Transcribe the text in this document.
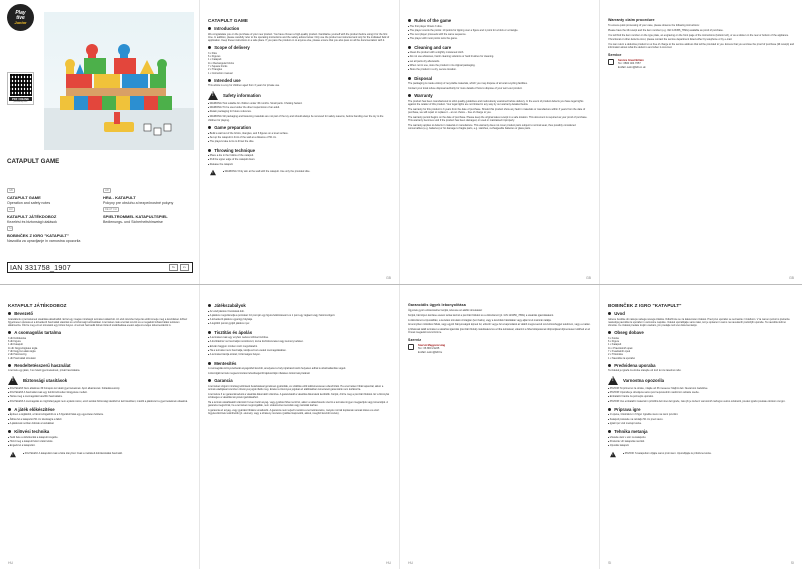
Play
tive
Junior
PDF ONLINE
parkside-diy.com
CATAPULT GAME
GB
CATAPULT GAME
Operation and safety notes
HU
KATAPULT JÁTÉKDOBOZ
Kezelési és biztonsági utalások
SI
BOBINČEK Z IGRO "KATAPULT"
Navodila za upravljanje in varnostna opozorila
HR
HRA - KATAPULT
Pokyny pre obsluhu a bezpečnostné pokyny
DE AT CH
SPIELTROMMEL KATAPULTSPIEL
Bedienungs- und Sicherheitshinweise
IAN 331758_1907	8+	2+
CATAPULT GAME
Introduction
We congratulate you on the purchase of your new product. You have chosen a high-quality product. Familiarise yourself with the product before using it for the first time. In addition, please carefully refer to the operating instructions and the safety advice below. Only use the product as instructed and only for the indicated field of application. Keep these instructions in a safe place. If you pass the product on to anyone else, please ensure that you also pass on all the documentation with it.
Scope of delivery
3 x Dice
6 x Figures
1 x Catapult
11 x Rectangular bricks
7 x Square bricks
2 x Triangles
1 x Instruction manual
Intended use
This article is a toy for children aged from 3 years for private use.
! Safety information
■ WARNING! Not suitable for children under 36 months. Small parts. Choking hazard.
■ WARNING! To be used under the direct supervision of an adult.
■ Retain packaging for future reference.
■ WARNING! All packaging and fastening materials are not part of the toy and should always be removed for safety reasons, before handing over the toy to the children for playing.
Game preparation
■ Build a wall out of the bricks, triangles, and 6 figures on a level surface.
■ Set up the catapult in front of the wall at a distance of 50 cm.
■ The players take turns to throw the dice.
Throwing technique
■ Place a die in the hollow of the catapult.
■ Pull the upper edge of the catapult down.
■ Release the catapult.
!	■ WARNING! Only aim at the wall with the catapult. Use only the provided dice.
GB
Rules of the game
■ The first player throws 3 dice.
■ The player counts the points: 10 points for tipping over a figure and 1 point for a brick or a triangle.
■ The next player proceeds with the same sequence.
■ The player with most points wins the game.
Cleaning and care
■ Clean the product with a slightly moistened cloth.
■ Do not use abrasives, harsh cleaning solutions or hard brushes for cleaning.
■ Let all parts dry afterwards.
■ When not in use, store the product in its original packaging.
■ Store the product in a dry, secure location.
Disposal
The packaging is made entirely of recyclable materials, which you may dispose of at local recycling facilities.
Contact your local refuse disposal authority for more details of how to dispose of your worn-out product.
Warranty
The product has been manufactured to strict quality guidelines and meticulously examined before delivery. In the event of product defects you have legal rights against the retailer of this product. Your legal rights are not limited in any way by our warranty detailed below.
The warranty for this product is 3 years from the date of purchase. Should this product show any fault in materials or manufacture within 3 years from the date of purchase, we will repair or replace it – at our choice – free of charge to you.
The warranty period begins on the date of purchase. Please keep the original sales receipt in a safe location. This document is required as your proof of purchase. This warranty becomes void if the product has been damaged, or used or maintained improperly.
The warranty applies to defects in material or manufacture. This warranty does not cover product parts subject to normal wear, thus possibly considered consumables (e.g. batteries) or for damage to fragile parts, e.g. switches, rechargeable batteries or glass parts.
GB
Warranty claim procedure
To ensure quick processing of your case, please observe the following instructions:
Please have the till receipt and the item number (e.g. IAN 123456_789G) available as proof of purchase.
You will find the item number on the type plate, an engraving on the front page of the instructions (bottom left), or as a sticker on the rear or bottom of the appliance.
If functional or other defects occur, please contact the service department listed either by telephone or by e-mail.
You can return a defective product to us free of charge to the service address that will be provided to you. Ensure that you enclose the proof of purchase (till receipt) and information about what the defect is and when it occurred.
Service
Service Great Britain
Tel.: 0800 404 7657
E-Mail: owim@lidl.co.uk
GB
KATAPULT JÁTÉKDOBOZ
Bevezető
Gratulálunk új termékének vásárlása alkalmából. Ezzel egy magas minőségű terméket választott. Az első üzembe helyezés előtt ismerje meg a készüléket. Ehhez figyelmesen olvassa el a következő használati utasítást és a biztonsági tudnivalókat. A terméket csak a leírtak szerint és a megadott felhasználási területen alkalmazza. Őrizze meg ezt az útmutatót egy biztos helyen. A termék harmadik félnek történő továbbadása esetén adja át a teljes dokumentációt is.
A csomagolás tartalma
3 db Dobókocka
6 db Figura
1 db Katapult
11 db Négyszögletes tégla
7 db Négyzet alakú tégla
2 db Háromszög
1 db Használati útmutató
Rendeltetésszerű használat
A termék egy játék, 3 év feletti gyermekeknek, privát használatra.
! Biztonsági utasítások
■ FIGYELEM! Nem alkalmas 36 hónapos kor alatti gyermekeknek. Apró alkatrészek. Fulladásveszély.
■ FIGYELEM! A használat csak egy felnőtt közvetlen felügyelete mellett.
■ Tartsa meg a csomagolást későbbi használatra.
■ FIGYELEM! A csomagolás és rögzítőanyagok nem a játék részei, ezért azokat biztonsági okokból el kell távolítani, mielőtt a játékszert a gyermekeknek odaadná.
A játék előkészítése
■ Építsen a téglákból, a háromszögekből és a 6 figurából falat egy egyenletes felületre.
■ Állítsa fel a katapultot 50 cm távolságra a faltól.
■ A játékosok sorban dobnak a kockákkal.
Kilövési technika
■ Tedd bele a dobókockát a katapult üregébe.
■ Húzd meg a katapult felső szélét lefelé.
■ Engedd el a katapultot.
!	■ FIGYELEM: A katapultot csak a falra irányítsd. Csak a mellékelt dobókockákat használd.
HU
Játékszabályok
■ Az első játékos 3 kockával dob.
■ A játékos megszámolja a pontokat: 10 pont jár egy figura feldöntéséért és 1 pont egy téglaért vagy háromszögért.
■ A következő játékos ugyanígy folytatja.
■ A legtöbb pontot gyűjtő játékos nyer.
Tisztítás és ápolás
■ A terméket csak egy enyhén nedves törlővel tisztítsa.
■ A tisztításhoz ne használjon súrolószert, durva tisztítószereket vagy kemény keféket.
■ Ezután hagyjon minden részt megszáradni.
■ Ha a terméket nem használja, tárolja azt az eredeti csomagolásában.
■ A terméket tárolja száraz, biztonságos helyen.
Mentesítés
A csomagolás környezetbarát anyagokból készült, amelyeket a helyi újrahasznosító helyeken adhat le ártalmatlanítás végett.
A kiszolgált termék megsemmisítési lehetőségeiről tájékozódjon illetékes önkormányzatánál.
Garancia
A terméket szigorú minőségi előírások betartásával gondosan gyártották, és szállítás előtt lelkiismeretesen ellenőrizték. Ha a terméken hibát tapasztal, akkor a termék eladójával szemben törvényes jogok illetik meg. Ezeket a törvényes jogokat az alábbiakban ismertetett garanciánk nem korlátozza.
A termékre 3 év garanciát adunk a vásárlás dátumától számítva. A garanciaidő a vásárlás dátumával kezdődik. Kérjük, őrizze meg a pénztári blokkot. Ez a bizonylat szükséges a vásárlás tényének igazolásához.
Ha a termék vásárlásától számított 3 éven belül anyag- vagy gyártási hiba merül fel, akkor a választásunk szerint a terméket ingyen megjavítjuk vagy kicseréljük. A garancia megszűnik, ha a terméket megrongálták, nem szakszerűen kezelték vagy tartották karban.
A garancia az anyag- vagy gyártási hibákra vonatkozik. A garancia nem terjed ki azokra a termékrészekre, melyek normál kopásnak vannak kitéve és ezért fogyóeszköznek tekinthetők (pl. elemek), vagy a törékeny részekre (például kapcsolók, akkuk, üvegből készült részek).
HU
Garanciális ügyek lebonyolítása
Ügyének gyors elintézéséhez kérjük, kövesse az alábbi útmutatást:
Kérjük, bármilyen kérdése esetén tartsa kéznél a pénztári blokkot és a cikkszámot (pl. IAN 123456_789G) a vásárlás igazolásaként.
A cikkszámot a típustáblán, a kezelési útmutató címlapján (lent balra), vagy a készülék hátoldalán vagy alján lévő matricán találja.
Amennyiben működési hibák, vagy egyéb hiányosságok lépnek fel, először vegye fel a kapcsolatot az alább megnevezett szervizrészleggel telefonon, vagy e-mailen.
A hibásnak talált terméket a vásárlási igazolás (pénztári blokk) csatolásával és a hiba leírásával, valamint a hiba fellépésének időpontjával díjmentesen küldheti el az Önnek megadott szervizcímre.
Szerviz
Szerviz Magyarország
Tel.: 06 800 21225
E-Mail: owim@lidl.hu
HU
BOBINČEK Z IGRO "KATAPULT"
Uvod
Iskrene čestitke ob nakupu vašega novega izdelka. Odločili ste se za kakovosten izdelek. Pred prvo uporabo se seznanite z izdelkom. V ta namen pozorno preberite naslednja navodila za uporabo in varnostne napotke. Izdelek uporabljajte samo tako, kot je opisano in samo na navedenih področjih uporabe. Ta navodila skrbno shranite. Če izdelek predate tretjim osebam, jim predajte tudi vso dokumentacijo.
Obseg dobave
3 x Kocke
6 x Figure
1 x Katapult
11 x Pravokotnih opek
7 x Kvadratnih opek
2 x Trikotnika
1 x Navodila za uporabo
Predvidena uporaba
Ta izdelek je igrača za otroke starejše od treh let za zasebno rabo.
! Varnostna opozorila
■ POZOR! Ni primerno za otroke, mlajše od 36 mesecev. Majhni deli. Nevarnost zadušitve.
■ POZOR! Uporaba je dovoljena samo pod neposrednim nadzorom odrasle osebe.
■ Embalažo hranite za poznejšo uporabo.
■ POZOR! Ves embalažni material in pritrdilni deli niso del igrače, zato jih je treba iz varnostnih razlogov vedno odstraniti, preden igračo predate otrokom za igro.
Priprava igre
■ Iz opeke, trikotnikov in 6 figur zgradite steno na ravni površini.
■ Katapult postavite na razdaljo 50 cm pred steno.
■ Igralci po vrsti mečejo kocke.
Tehnika metanja
■ Vstavite delo v utor na katapultu.
■ Povlecite vrh katapulta navzdol.
■ Izpustite katapult.
!	■ POZOR: S katapultom ciljajte samo proti steni. Uporabljajte le priložene kocke.
SI	SI
